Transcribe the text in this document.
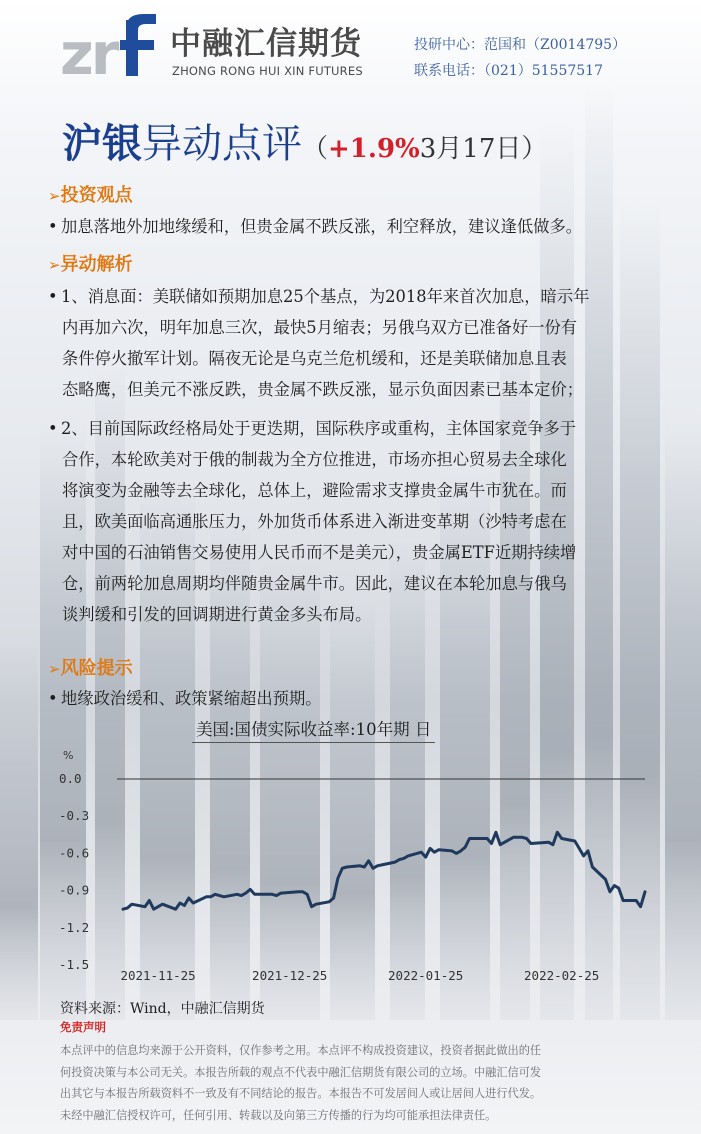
zr 中融汇信期货
ZHONG RONG HUI XIN FUTURES
投研中心：范国和（Z0014795）
联系电话：（021）51557517
沪银异动点评（+1.9%3月17日）
➢投资观点
• 加息落地外加地缘缓和，但贵金属不跌反涨，利空释放，建议逢低做多。
➢异动解析
• 1、消息面：美联储如预期加息25个基点，为2018年来首次加息，暗示年
内再加六次，明年加息三次，最快5月缩表；另俄乌双方已准备好一份有
条件停火撤军计划。隔夜无论是乌克兰危机缓和，还是美联储加息且表
态略鹰，但美元不涨反跌，贵金属不跌反涨，显示负面因素已基本定价；
• 2、目前国际政经格局处于更迭期，国际秩序或重构，主体国家竞争多于
合作，本轮欧美对于俄的制裁为全方位推进，市场亦担心贸易去全球化
将演变为金融等去全球化，总体上，避险需求支撑贵金属牛市犹在。而
且，欧美面临高通胀压力，外加货币体系进入渐进变革期（沙特考虑在
对中国的石油销售交易使用人民币而不是美元），贵金属ETF近期持续增
仓，前两轮加息周期均伴随贵金属牛市。因此，建议在本轮加息与俄乌
谈判缓和引发的回调期进行黄金多头布局。
➢风险提示
• 地缘政治缓和、政策紧缩超出预期。
美国:国债实际收益率:10年期 日
%
0.0
-0.3
-0.6
-0.9
-1.2
-1.5
2021-11-25	2021-12-25	2022-01-25	2022-02-25
资料来源：Wind，中融汇信期货
免责声明
本点评中的信息均来源于公开资料，仅作参考之用。本点评不构成投资建议，投资者据此做出的任
何投资决策与本公司无关。本报告所载的观点不代表中融汇信期货有限公司的立场。中融汇信可发
出其它与本报告所载资料不一致及有不同结论的报告。本报告不可发居间人或让居间人进行代发。
未经中融汇信授权许可，任何引用、转载以及向第三方传播的行为均可能承担法律责任。
